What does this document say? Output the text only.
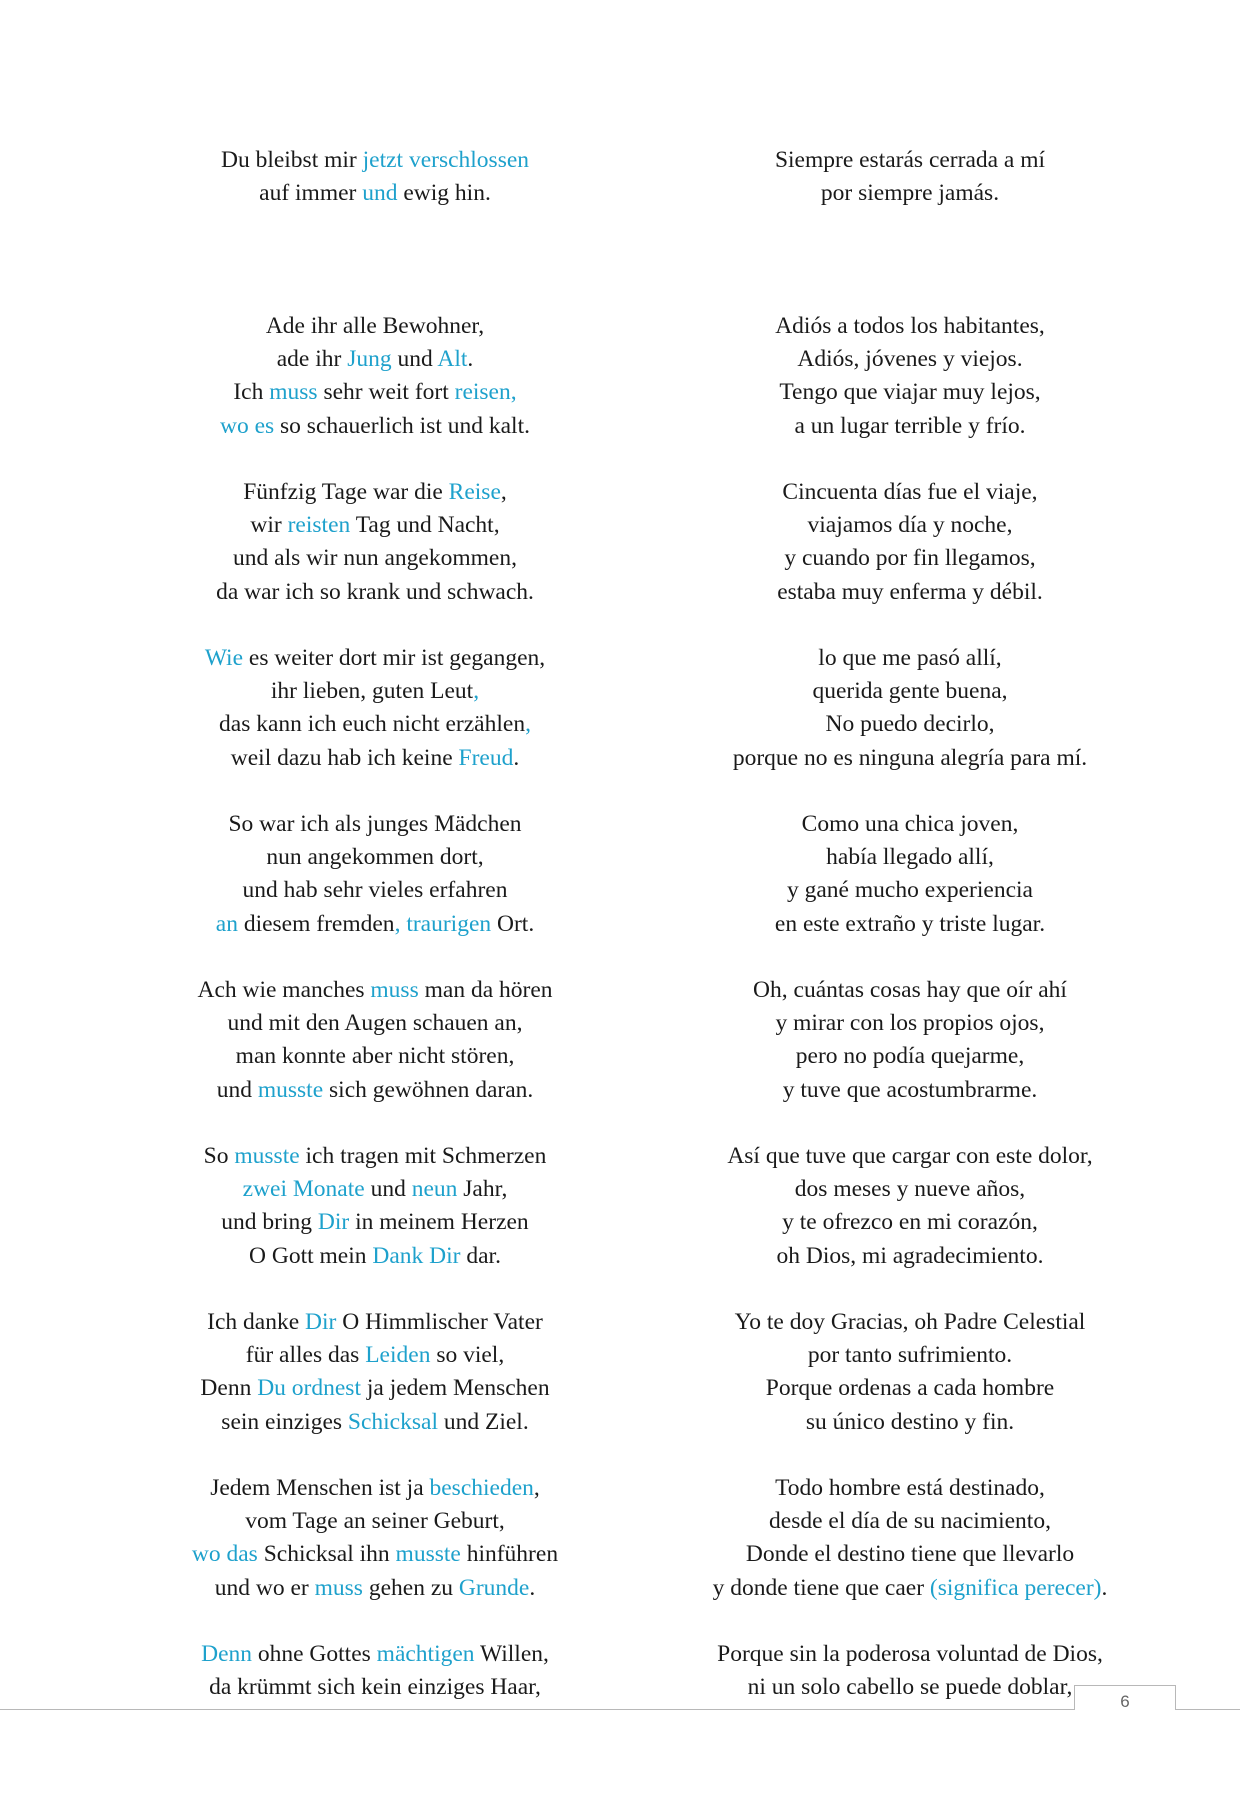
Du bleibst mir jetzt verschlossen
auf immer und ewig hin.
Ade ihr alle Bewohner,
ade ihr Jung und Alt.
Ich muss sehr weit fort reisen,
wo es so schauerlich ist und kalt.
Fünfzig Tage war die Reise,
wir reisten Tag und Nacht,
und als wir nun angekommen,
da war ich so krank und schwach.
Wie es weiter dort mir ist gegangen,
ihr lieben, guten Leut,
das kann ich euch nicht erzählen,
weil dazu hab ich keine Freud.
So war ich als junges Mädchen
nun angekommen dort,
und hab sehr vieles erfahren
an diesem fremden, traurigen Ort.
Ach wie manches muss man da hören
und mit den Augen schauen an,
man konnte aber nicht stören,
und musste sich gewöhnen daran.
So musste ich tragen mit Schmerzen
zwei Monate und neun Jahr,
und bring Dir in meinem Herzen
O Gott mein Dank Dir dar.
Ich danke Dir O Himmlischer Vater
für alles das Leiden so viel,
Denn Du ordnest ja jedem Menschen
sein einziges Schicksal und Ziel.
Jedem Menschen ist ja beschieden,
vom Tage an seiner Geburt,
wo das Schicksal ihn musste hinführen
und wo er muss gehen zu Grunde.
Denn ohne Gottes mächtigen Willen,
da krümmt sich kein einziges Haar,
Siempre estarás cerrada a mí
por siempre jamás.
Adiós a todos los habitantes,
Adiós, jóvenes y viejos.
Tengo que viajar muy lejos,
a un lugar terrible y frío.
Cincuenta días fue el viaje,
viajamos día y noche,
y cuando por fin llegamos,
estaba muy enferma y débil.
lo que me pasó allí,
querida gente buena,
No puedo decirlo,
porque no es ninguna alegría para mí.
Como una chica joven,
había llegado allí,
y gané mucho experiencia
en este extraño y triste lugar.
Oh, cuántas cosas hay que oír ahí
y mirar con los propios ojos,
pero no podía quejarme,
y tuve que acostumbrarme.
Así que tuve que cargar con este dolor,
dos meses y nueve años,
y te ofrezco en mi corazón,
oh Dios, mi agradecimiento.
Yo te doy Gracias, oh Padre Celestial
por tanto sufrimiento.
Porque ordenas a cada hombre
su único destino y fin.
Todo hombre está destinado,
desde el día de su nacimiento,
Donde el destino tiene que llevarlo
y donde tiene que caer (significa perecer).
Porque sin la poderosa voluntad de Dios,
ni un solo cabello se puede doblar,
6
